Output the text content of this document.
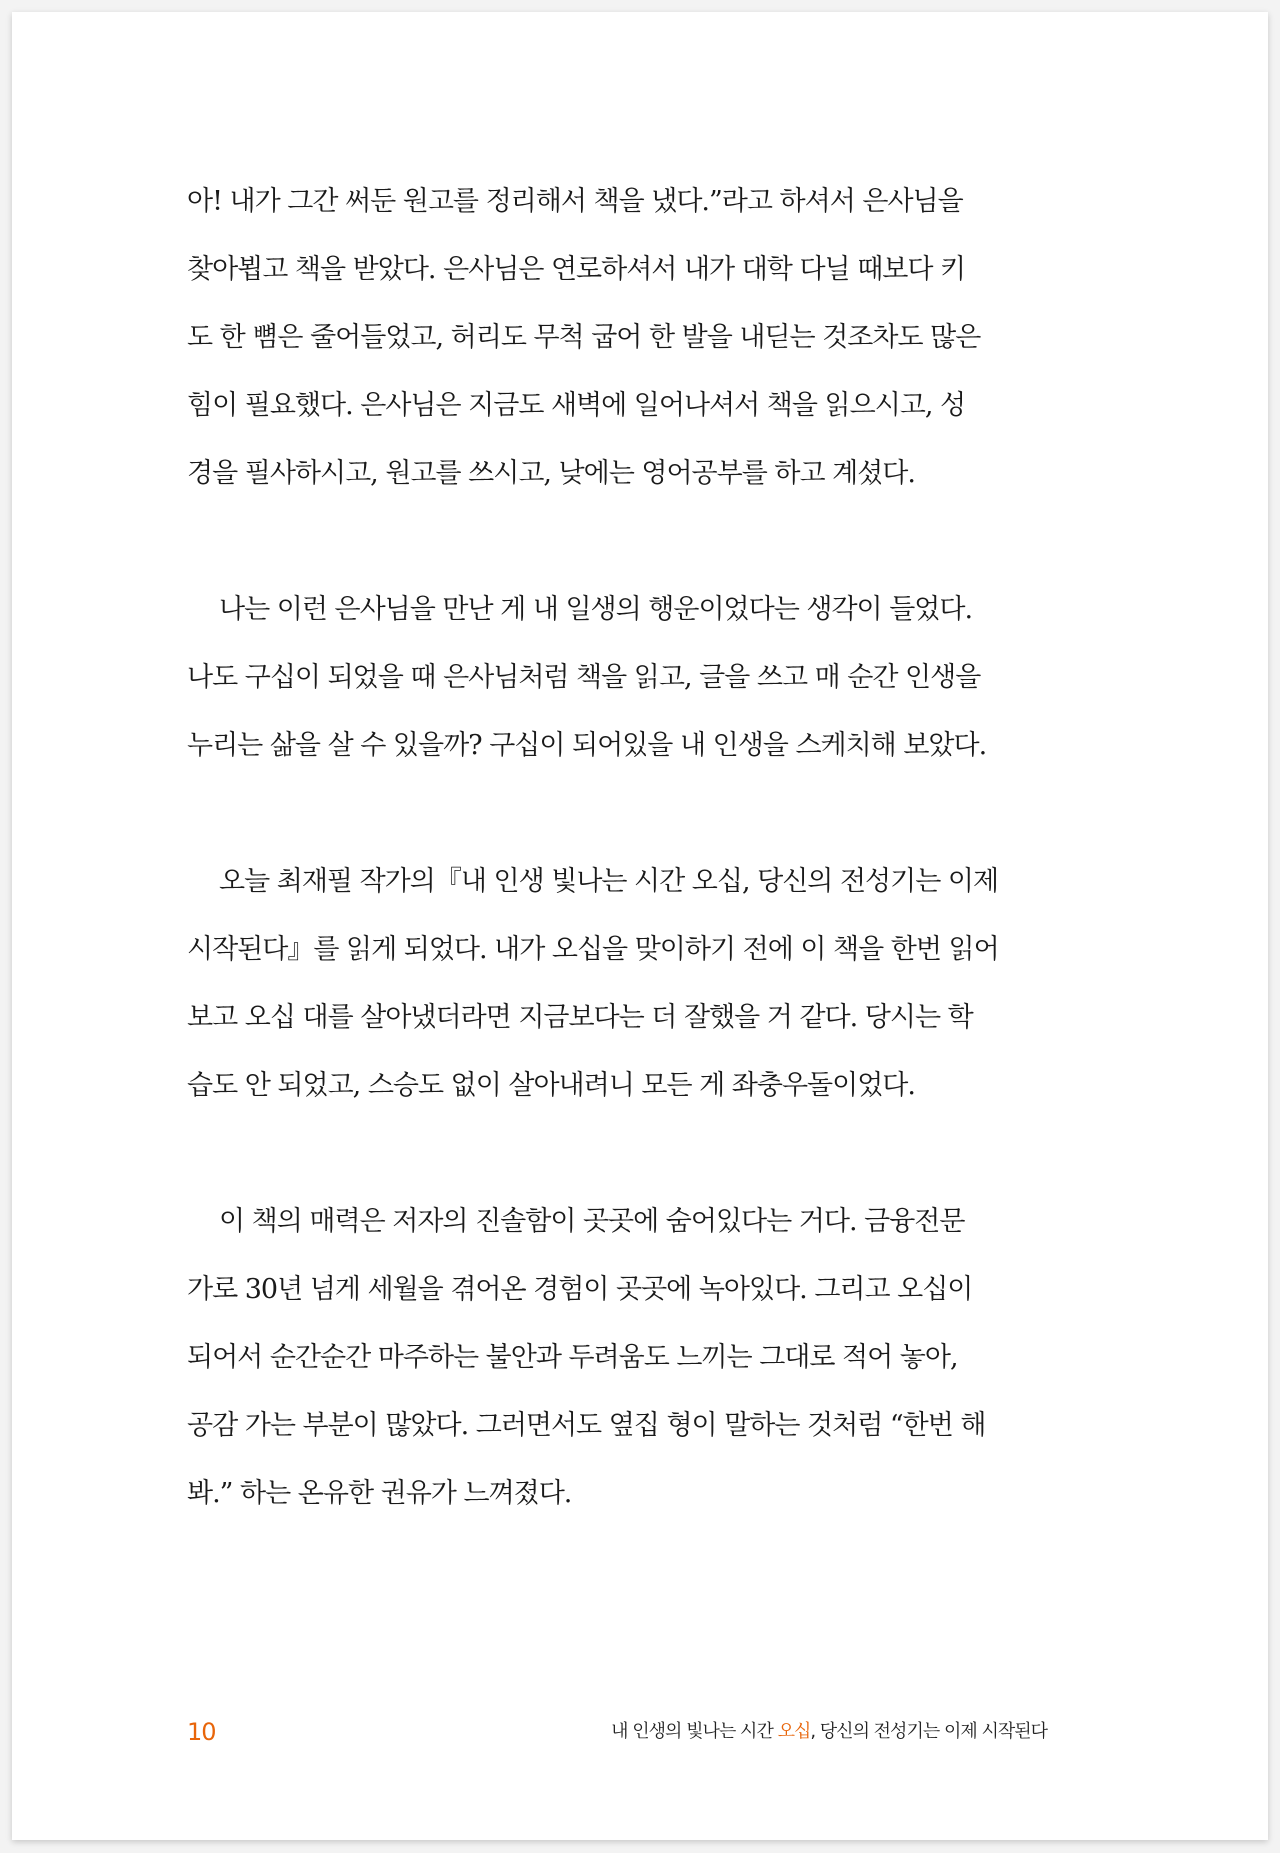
아! 내가 그간 써둔 원고를 정리해서 책을 냈다.”라고 하셔서 은사님을
찾아뵙고 책을 받았다. 은사님은 연로하셔서 내가 대학 다닐 때보다 키
도 한 뼘은 줄어들었고, 허리도 무척 굽어 한 발을 내딛는 것조차도 많은
힘이 필요했다. 은사님은 지금도 새벽에 일어나셔서 책을 읽으시고, 성
경을 필사하시고, 원고를 쓰시고, 낮에는 영어공부를 하고 계셨다.

나는 이런 은사님을 만난 게 내 일생의 행운이었다는 생각이 들었다.
나도 구십이 되었을 때 은사님처럼 책을 읽고, 글을 쓰고 매 순간 인생을
누리는 삶을 살 수 있을까? 구십이 되어있을 내 인생을 스케치해 보았다.

오늘 최재필 작가의『내 인생 빛나는 시간 오십, 당신의 전성기는 이제
시작된다』를 읽게 되었다. 내가 오십을 맞이하기 전에 이 책을 한번 읽어
보고 오십 대를 살아냈더라면 지금보다는 더 잘했을 거 같다. 당시는 학
습도 안 되었고, 스승도 없이 살아내려니 모든 게 좌충우돌이었다.

이 책의 매력은 저자의 진솔함이 곳곳에 숨어있다는 거다. 금융전문
가로 30년 넘게 세월을 겪어온 경험이 곳곳에 녹아있다. 그리고 오십이
되어서 순간순간 마주하는 불안과 두려움도 느끼는 그대로 적어 놓아,
공감 가는 부분이 많았다. 그러면서도 옆집 형이 말하는 것처럼 “한번 해
봐.” 하는 온유한 권유가 느껴졌다.

10	내 인생의 빛나는 시간 오십, 당신의 전성기는 이제 시작된다
